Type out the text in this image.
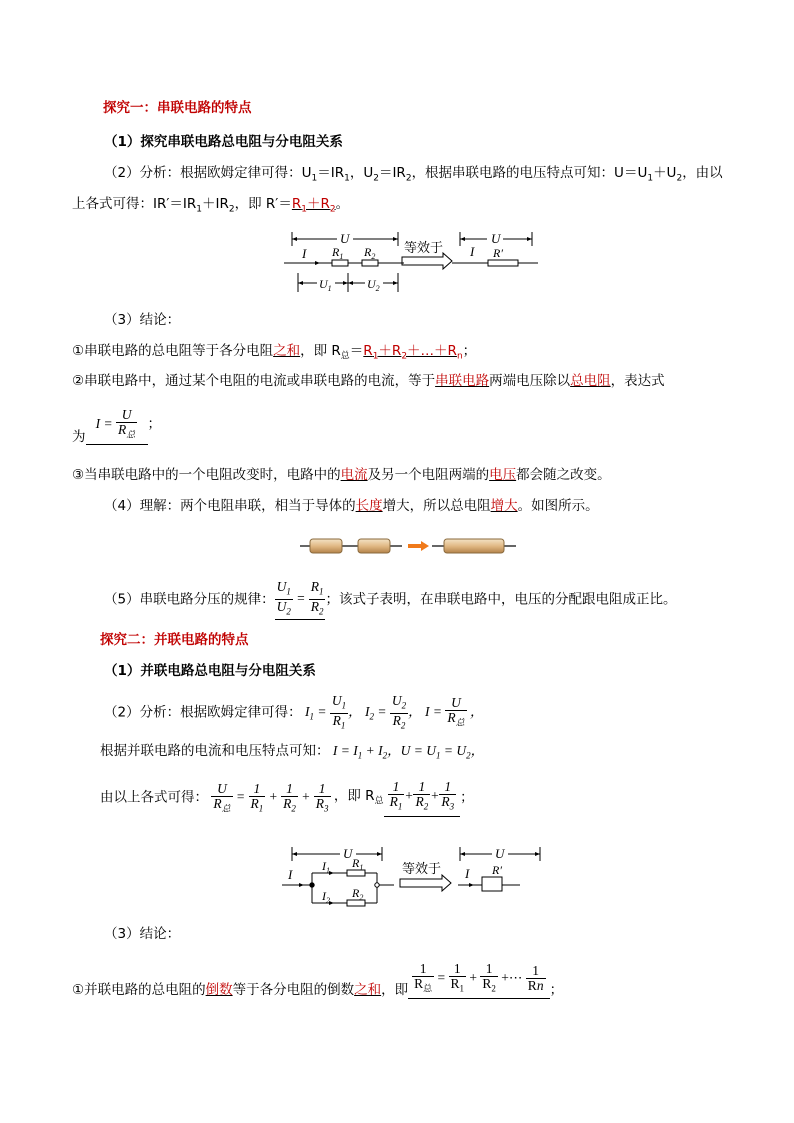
探究一：串联电路的特点
（1）探究串联电路总电阻与分电阻关系
（2）分析：根据欧姆定律可得：$U_1=IR_1$，$U_2=IR_2$，根据串联电路的电压特点可知：$U=U_1+U_2$，由以
上各式可得：$IR'=IR_1+IR_2$，即 $R'=R_1+R_2$。
U
I $R_1$ $R_2$
$U_1$	$U_2$
等效于
U
I R′
（3）结论：
①串联电路的总电阻等于各分电阻之和，即 $R_总=R_1+R_2+\dots+R_n$；
②串联电路中，通过某个电阻的电流或串联电路的电流，等于串联电路两端电压除以总电阻，表达式
为$I = \frac{U}{R_总}$ ；
③当串联电路中的一个电阻改变时，电路中的电流及另一个电阻两端的电压都会随之改变。
（4）理解：两个电阻串联，相当于导体的长度增大，所以总电阻增大。如图所示。
（5）串联电路分压的规律： $\frac{U_1}{U_2} = \frac{R_1}{R_2}$ ；该式子表明，在串联电路中，电压的分配跟电阻成正比。
探究二：并联电路的特点
（1）并联电路总电阻与分电阻关系
（2）分析：根据欧姆定律可得： $I_1 = \frac{U_1}{R_1}$ ， $I_2 = \frac{U_2}{R_2}$ ， $I = \frac{U}{R_总}$ ，
根据并联电路的电流和电压特点可知： $I = I_1 + I_2$，$U = U_1 = U_2$，
由以上各式可得： $\frac{U}{R_总} = \frac{1}{R_1} + \frac{1}{R_2} + \frac{1}{R_3}$ ，即 $R_总 \frac{1}{R_1} + \frac{1}{R_2} + \frac{1}{R_3}$ ；
U
I
$I_1$
$I_2$
$R_1$
$R_2$
等效于
U
I R′
（3）结论：
①并联电路的总电阻的倒数等于各分电阻的倒数之和，即 $\frac{1}{R_总} = \frac{1}{R_1} + \frac{1}{R_2}$ +⋯ $\frac{1}{Rn}$ ；
